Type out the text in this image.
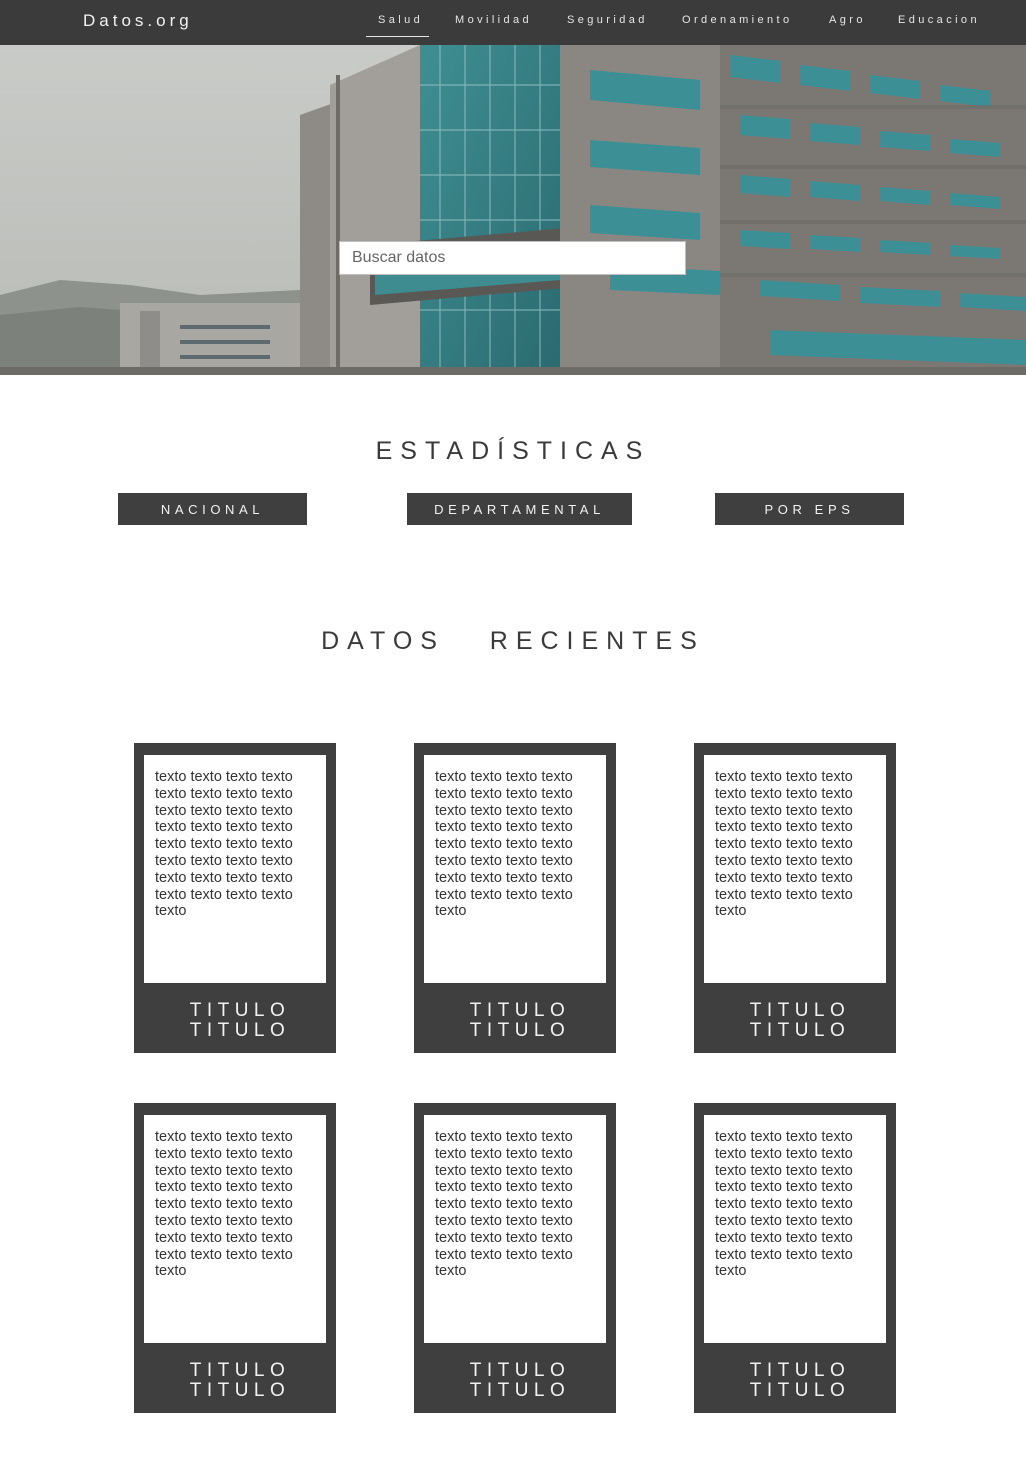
Datos.org	Salud	Movilidad	Seguridad	Ordenamiento	Agro	Educacion
Buscar datos
ESTADÍSTICAS
NACIONAL	DEPARTAMENTAL	POR EPS
DATOS   RECIENTES
texto texto texto texto texto texto texto texto texto texto texto texto texto texto texto texto texto texto texto texto texto texto texto texto texto texto texto texto texto texto texto texto texto
TITULO
TITULO
texto texto texto texto texto texto texto texto texto texto texto texto texto texto texto texto texto texto texto texto texto texto texto texto texto texto texto texto texto texto texto texto texto
TITULO
TITULO
texto texto texto texto texto texto texto texto texto texto texto texto texto texto texto texto texto texto texto texto texto texto texto texto texto texto texto texto texto texto texto texto texto
TITULO
TITULO
texto texto texto texto texto texto texto texto texto texto texto texto texto texto texto texto texto texto texto texto texto texto texto texto texto texto texto texto texto texto texto texto texto
TITULO
TITULO
texto texto texto texto texto texto texto texto texto texto texto texto texto texto texto texto texto texto texto texto texto texto texto texto texto texto texto texto texto texto texto texto texto
TITULO
TITULO
texto texto texto texto texto texto texto texto texto texto texto texto texto texto texto texto texto texto texto texto texto texto texto texto texto texto texto texto texto texto texto texto texto
TITULO
TITULO
